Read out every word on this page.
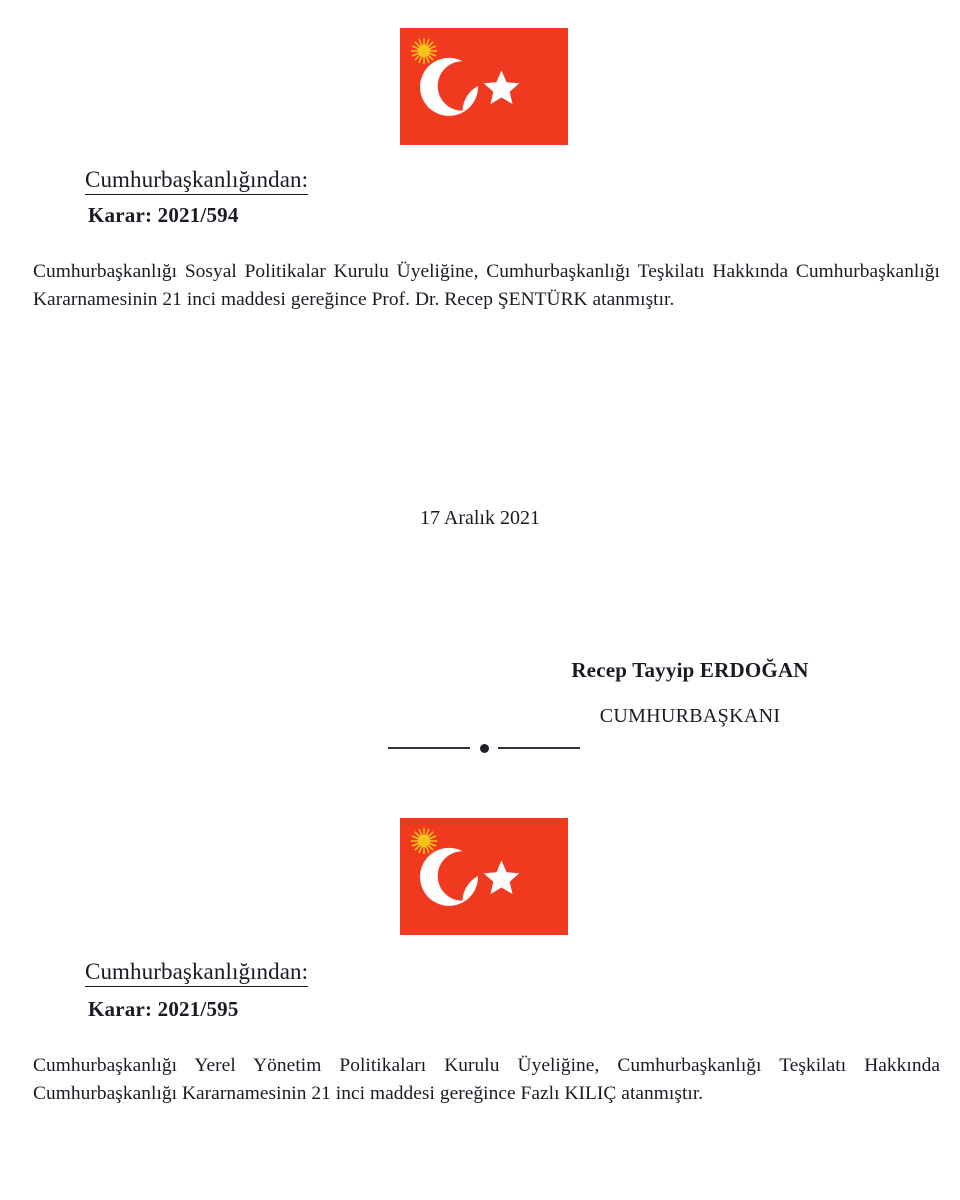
Cumhurbaşkanlığından:
Karar: 2021/594
Cumhurbaşkanlığı Sosyal Politikalar Kurulu Üyeliğine, Cumhurbaşkanlığı Teşkilatı Hakkında Cumhurbaşkanlığı Kararnamesinin 21 inci maddesi gereğince Prof. Dr. Recep ŞENTÜRK atanmıştır.
17 Aralık 2021
Recep Tayyip ERDOĞAN
CUMHURBAŞKANI
Cumhurbaşkanlığından:
Karar: 2021/595
Cumhurbaşkanlığı Yerel Yönetim Politikaları Kurulu Üyeliğine, Cumhurbaşkanlığı Teşkilatı Hakkında Cumhurbaşkanlığı Kararnamesinin 21 inci maddesi gereğince Fazlı KILIÇ atanmıştır.
